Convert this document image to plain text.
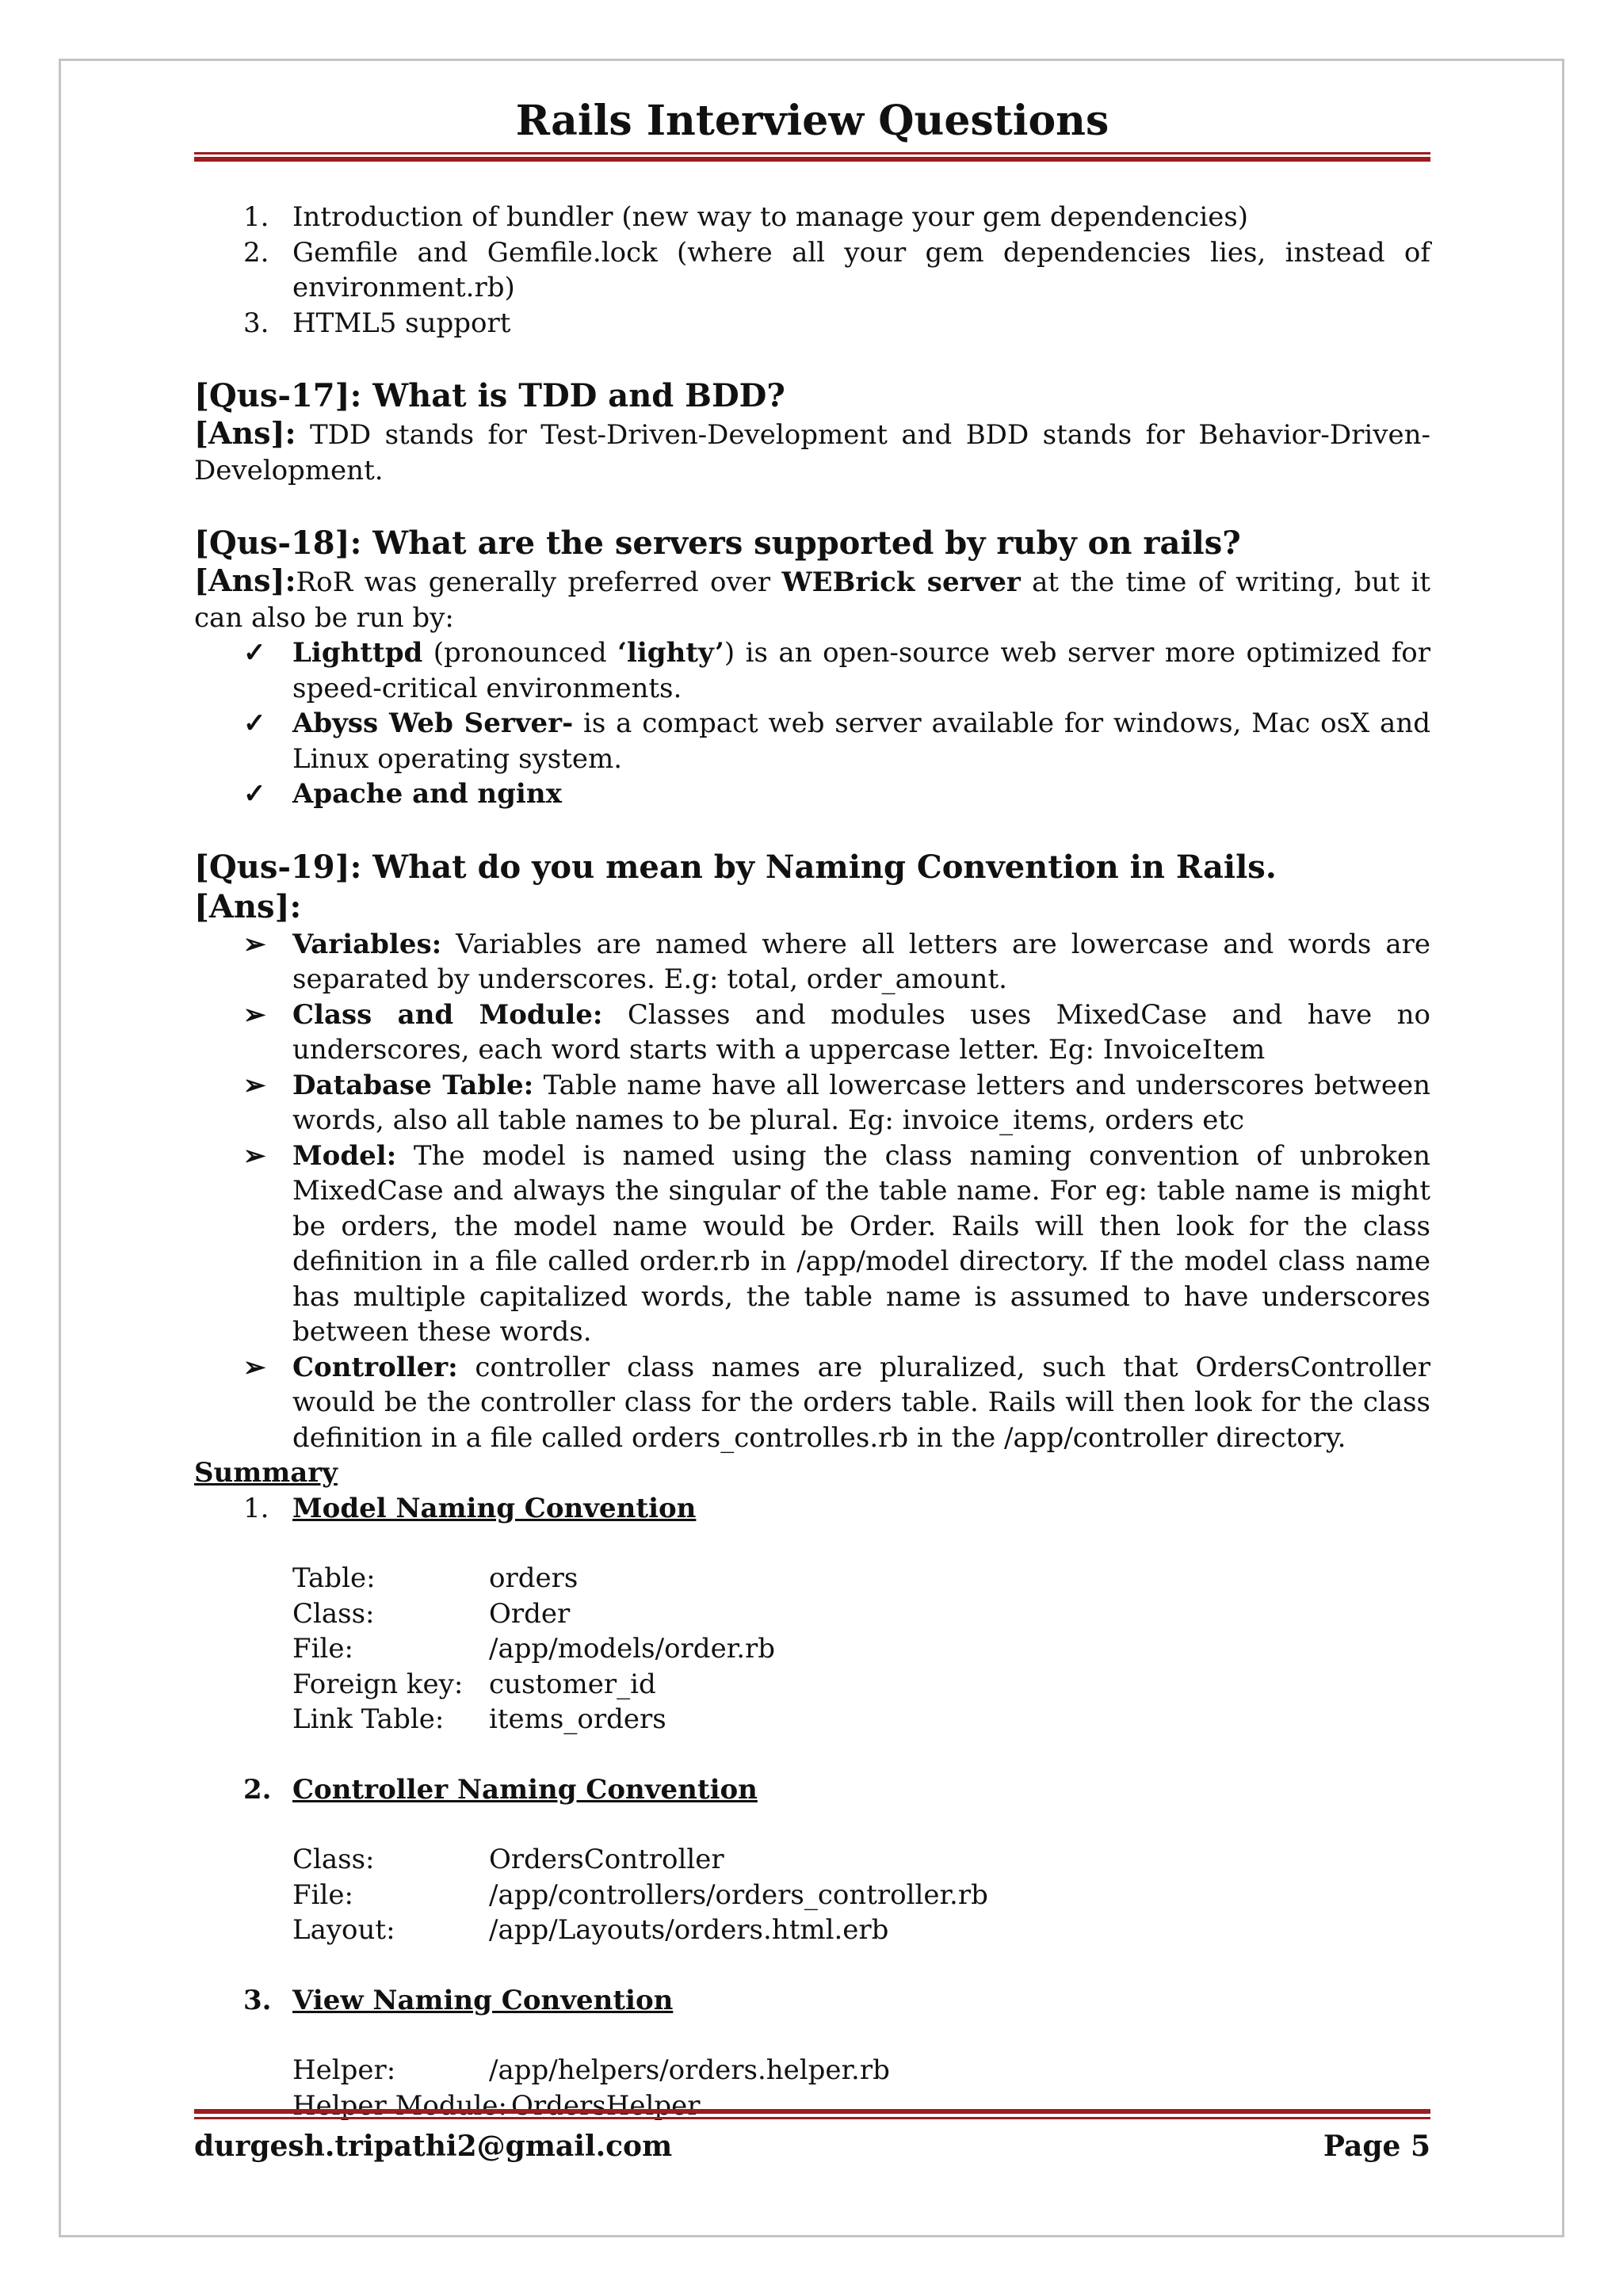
Rails Interview Questions
1. Introduction of bundler (new way to manage your gem dependencies)
2. Gemfile and Gemfile.lock (where all your gem dependencies lies, instead of environment.rb)
3. HTML5 support

[Qus-17]: What is TDD and BDD?

[Ans]: TDD stands for Test-Driven-Development and BDD stands for Behavior-Driven-Development.

[Qus-18]: What are the servers supported by ruby on rails?

[Ans]:RoR was generally preferred over WEBrick server at the time of writing, but it can also be run by:

✓ Lighttpd (pronounced ‘lighty’) is an open-source web server more optimized for speed-critical environments.
✓ Abyss Web Server- is a compact web server available for windows, Mac osX and Linux operating system.
✓ Apache and nginx

[Qus-19]: What do you mean by Naming Convention in Rails.

[Ans]:

➢ Variables: Variables are named where all letters are lowercase and words are separated by underscores. E.g: total, order_amount.
➢ Class and Module: Classes and modules uses MixedCase and have no underscores, each word starts with a uppercase letter. Eg: InvoiceItem
➢ Database Table: Table name have all lowercase letters and underscores between words, also all table names to be plural. Eg: invoice_items, orders etc
➢ Model: The model is named using the class naming convention of unbroken MixedCase and always the singular of the table name. For eg: table name is might be orders, the model name would be Order. Rails will then look for the class definition in a file called order.rb in /app/model directory. If the model class name has multiple capitalized words, the table name is assumed to have underscores between these words.
➢ Controller: controller class names are pluralized, such that OrdersController would be the controller class for the orders table. Rails will then look for the class definition in a file called orders_controlles.rb in the /app/controller directory.
Summary
1. Model Naming Convention
Table:	orders
Class:	Order
File:	/app/models/order.rb
Foreign key: customer_id
Link Table:	items_orders
2. Controller Naming Convention
Class:	OrdersController
File:	/app/controllers/orders_controller.rb
Layout:	/app/Layouts/orders.html.erb
3. View Naming Convention
Helper:	/app/helpers/orders.helper.rb
Helper Module: OrdersHelper
durgesh.tripathi2@gmail.com	Page 5
